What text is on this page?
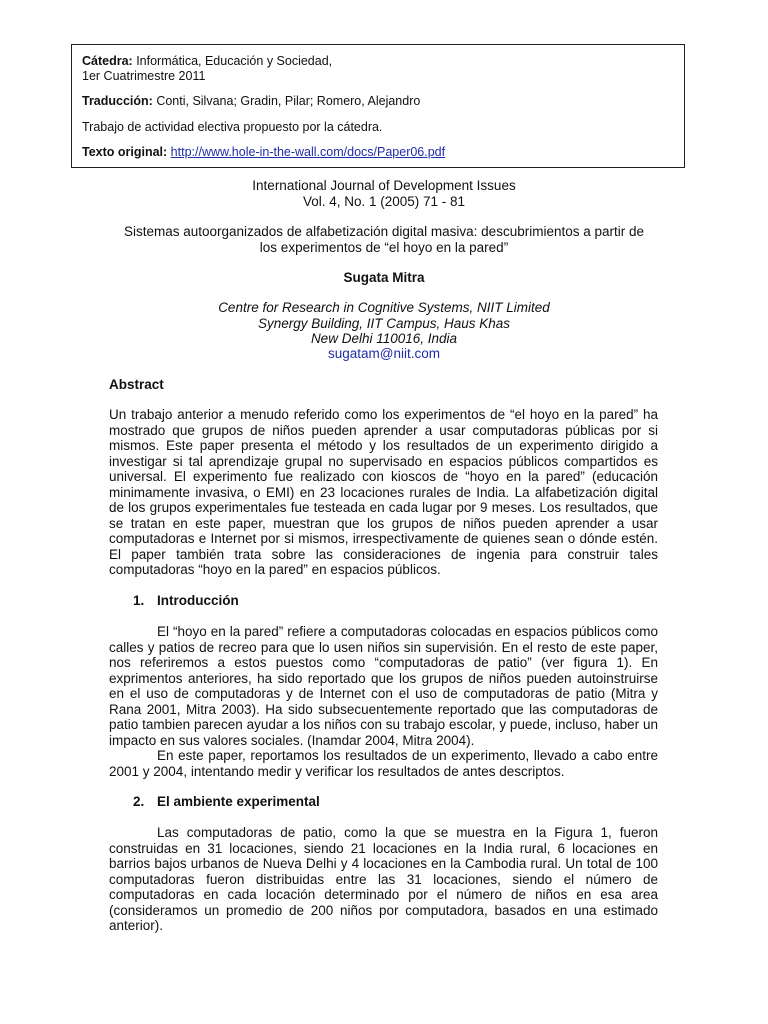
Cátedra: Informática, Educación y Sociedad,

1er Cuatrimestre 2011

Traducción: Conti, Silvana; Gradin, Pilar; Romero, Alejandro

Trabajo de actividad electiva propuesto por la cátedra.

Texto original: http://www.hole-in-the-wall.com/docs/Paper06.pdf

International Journal of Development Issues
Vol. 4, No. 1 (2005) 71 - 81
Sistemas autoorganizados de alfabetización digital masiva: descubrimientos a partir de
los experimentos de “el hoyo en la pared”
Sugata Mitra
Centre for Research in Cognitive Systems, NIIT Limited
Synergy Building, IIT Campus, Haus Khas
New Delhi 110016, India
sugatam@niit.com
Abstract

Un trabajo anterior a menudo referido como los experimentos de “el hoyo en la pared” ha mostrado que grupos de niños pueden aprender a usar computadoras públicas por si mismos. Este paper presenta el método y los resultados de un experimento dirigido a investigar si tal aprendizaje grupal no supervisado en espacios públicos compartidos es universal. El experimento fue realizado con kioscos de “hoyo en la pared” (educación minimamente invasiva, o EMI) en 23 locaciones rurales de India. La alfabetización digital de los grupos experimentales fue testeada en cada lugar por 9 meses. Los resultados, que se tratan en este paper, muestran que los grupos de niños pueden aprender a usar computadoras e Internet por si mismos, irrespectivamente de quienes sean o dónde estén. El paper también trata sobre las consideraciones de ingenia para construir tales computadoras “hoyo en la pared” en espacios públicos.

1. Introducción

El “hoyo en la pared” refiere a computadoras colocadas en espacios públicos como calles y patios de recreo para que lo usen niños sin supervisión. En el resto de este paper, nos referiremos a estos puestos como “computadoras de patio” (ver figura 1). En exprimentos anteriores, ha sido reportado que los grupos de niños pueden autoinstruirse en el uso de computadoras y de Internet con el uso de computadoras de patio (Mitra y Rana 2001, Mitra 2003). Ha sido subsecuentemente reportado que las computadoras de patio tambien parecen ayudar a los niños con su trabajo escolar, y puede, incluso, haber un impacto en sus valores sociales. (Inamdar 2004, Mitra 2004).

En este paper, reportamos los resultados de un experimento, llevado a cabo entre 2001 y 2004, intentando medir y verificar los resultados de antes descriptos.

2. El ambiente experimental

Las computadoras de patio, como la que se muestra en la Figura 1, fueron construidas en 31 locaciones, siendo 21 locaciones en la India rural, 6 locaciones en barrios bajos urbanos de Nueva Delhi y 4 locaciones en la Cambodia rural. Un total de 100 computadoras fueron distribuidas entre las 31 locaciones, siendo el número de computadoras en cada locación determinado por el número de niños en esa area (consideramos un promedio de 200 niños por computadora, basados en una estimado anterior).
